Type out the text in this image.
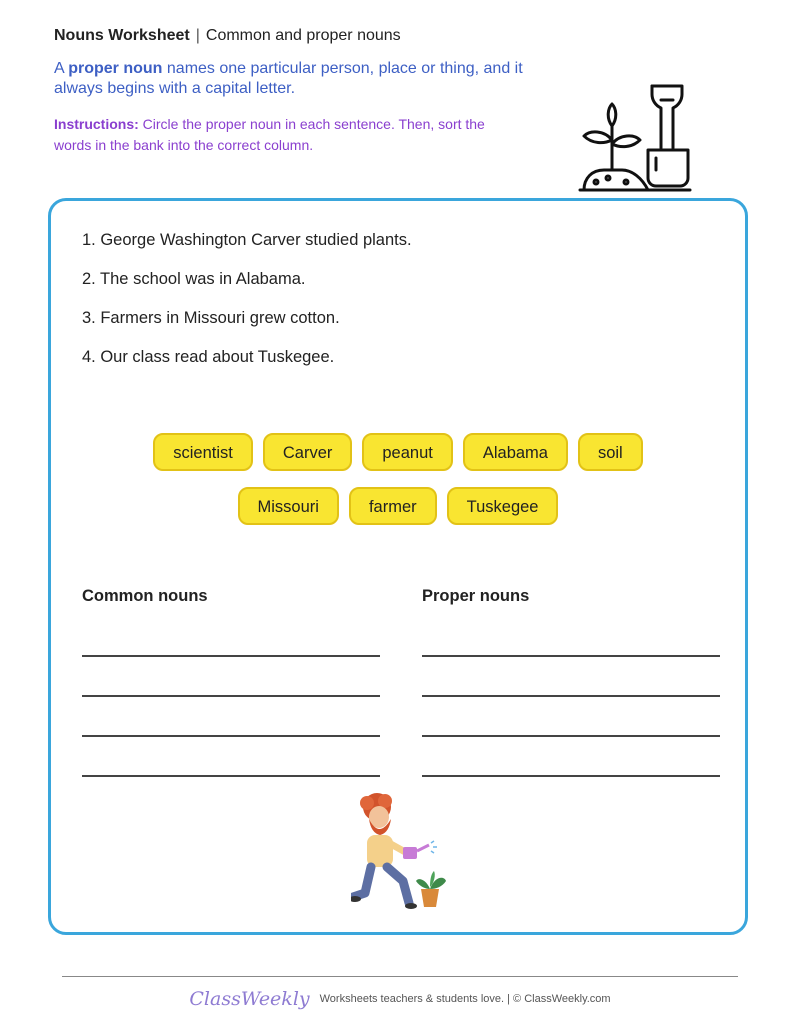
Nouns Worksheet | Common and proper nouns
A proper noun names one particular person, place or thing, and it always begins with a capital letter.
Instructions: Circle the proper noun in each sentence. Then, sort the words in the bank into the correct column.
1. George Washington Carver studied plants.
2. The school was in Alabama.
3. Farmers in Missouri grew cotton.
4. Our class read about Tuskegee.
scientist	Carver	peanut	Alabama	soil
Missouri	farmer	Tuskegee
Common nouns	Proper nouns
ClassWeekly Worksheets teachers & students love. | © ClassWeekly.com
